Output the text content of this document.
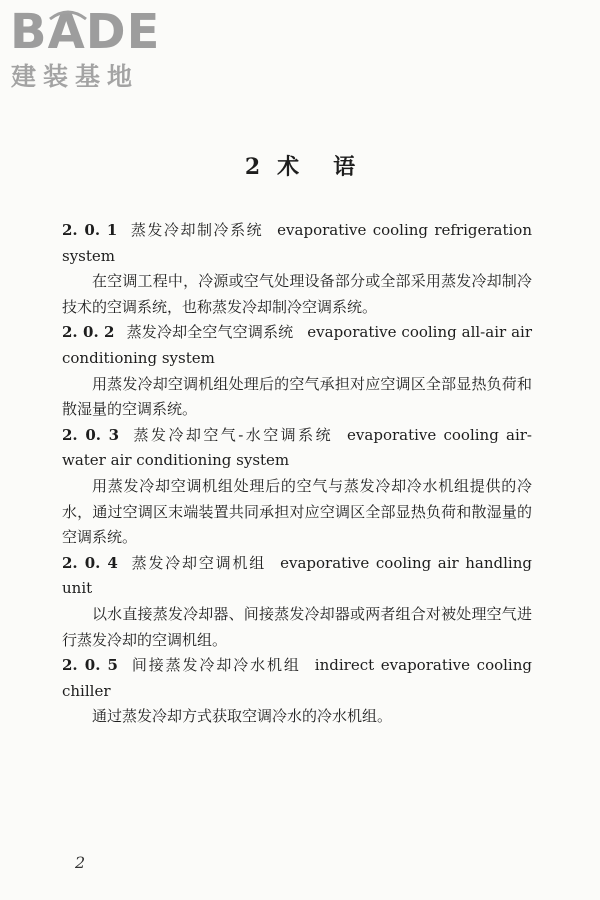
BADE
建装基地
2 术语

2. 0. 1 蒸发冷却制冷系统 evaporative cooling refrigeration system

在空调工程中，冷源或空气处理设备部分或全部采用蒸发冷却制冷技术的空调系统，也称蒸发冷却制冷空调系统。

2. 0. 2 蒸发冷却全空气空调系统 evaporative cooling all-air air conditioning system

用蒸发冷却空调机组处理后的空气承担对应空调区全部显热负荷和散湿量的空调系统。

2. 0. 3 蒸发冷却空气-水空调系统 evaporative cooling air-water air conditioning system

用蒸发冷却空调机组处理后的空气与蒸发冷却冷水机组提供的冷水，通过空调区末端装置共同承担对应空调区全部显热负荷和散湿量的空调系统。

2. 0. 4 蒸发冷却空调机组 evaporative cooling air handling unit

以水直接蒸发冷却器、间接蒸发冷却器或两者组合对被处理空气进行蒸发冷却的空调机组。

2. 0. 5 间接蒸发冷却冷水机组 indirect evaporative cooling chiller

通过蒸发冷却方式获取空调冷水的冷水机组。

2
